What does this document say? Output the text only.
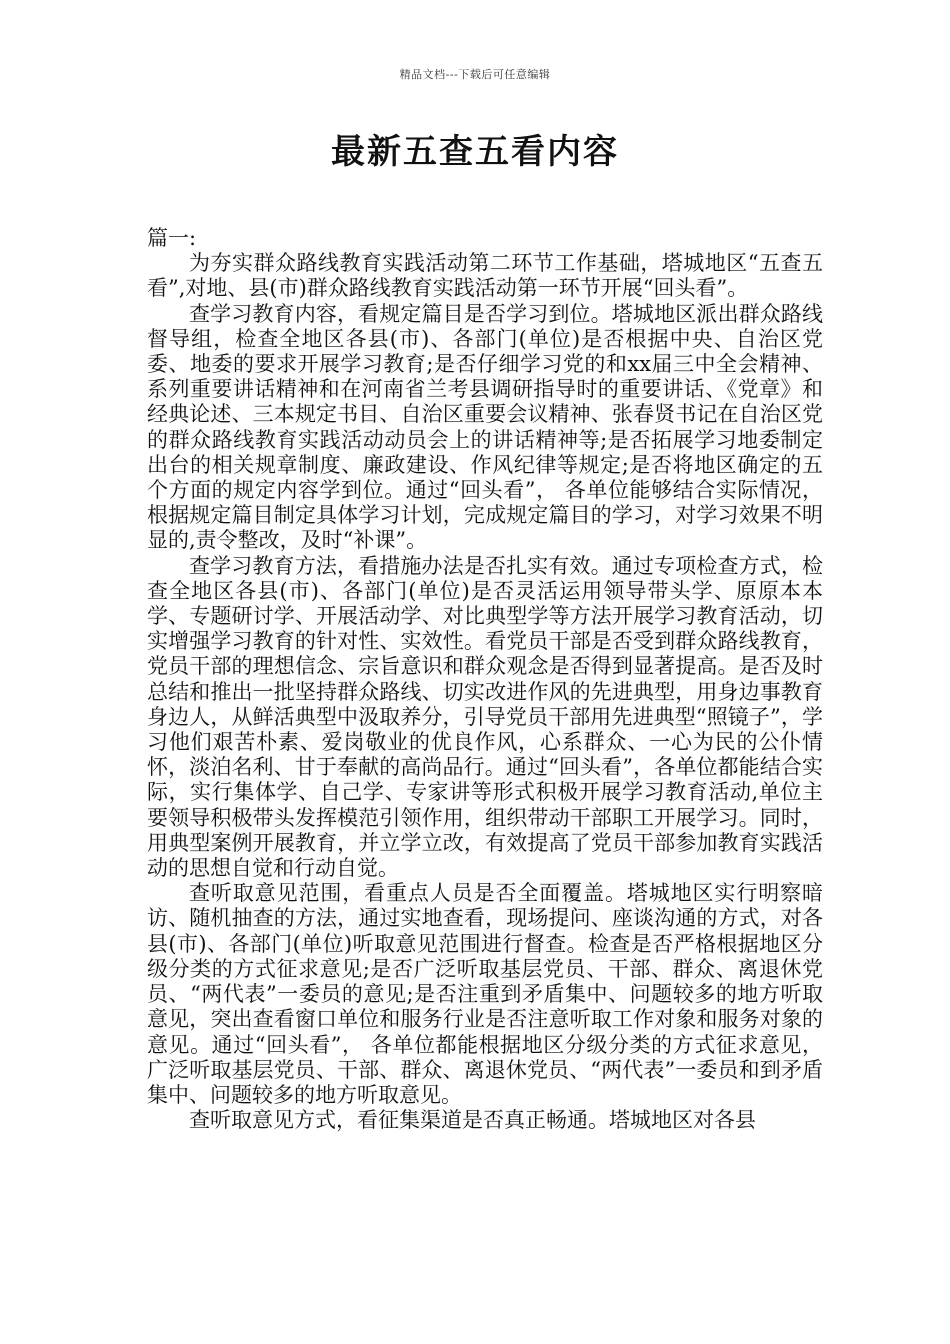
精品文档---下载后可任意编辑
最新五查五看内容

篇一:

为夯实群众路线教育实践活动第二环节工作基础，塔城地区“五查五看”,对地、县(市)群众路线教育实践活动第一环节开展“回头看”。

查学习教育内容，看规定篇目是否学习到位。塔城地区派出群众路线督导组，检查全地区各县(市)、各部门(单位)是否根据中央、自治区党委、地委的要求开展学习教育;是否仔细学习党的和xx届三中全会精神、系列重要讲话精神和在河南省兰考县调研指导时的重要讲话、《党章》和经典论述、三本规定书目、自治区重要会议精神、张春贤书记在自治区党的群众路线教育实践活动动员会上的讲话精神等;是否拓展学习地委制定出台的相关规章制度、廉政建设、作风纪律等规定;是否将地区确定的五个方面的规定内容学到位。通过“回头看”， 各单位能够结合实际情况，根据规定篇目制定具体学习计划，完成规定篇目的学习，对学习效果不明显的,责令整改，及时“补课”。

查学习教育方法，看措施办法是否扎实有效。通过专项检查方式，检查全地区各县(市)、各部门(单位)是否灵活运用领导带头学、原原本本学、专题研讨学、开展活动学、对比典型学等方法开展学习教育活动，切实增强学习教育的针对性、实效性。看党员干部是否受到群众路线教育，党员干部的理想信念、宗旨意识和群众观念是否得到显著提高。是否及时总结和推出一批坚持群众路线、切实改进作风的先进典型，用身边事教育身边人，从鲜活典型中汲取养分，引导党员干部用先进典型“照镜子”，学习他们艰苦朴素、爱岗敬业的优良作风，心系群众、一心为民的公仆情怀，淡泊名利、甘于奉献的高尚品行。通过“回头看”，各单位都能结合实际，实行集体学、自己学、专家讲等形式积极开展学习教育活动,单位主要领导积极带头发挥模范引领作用，组织带动干部职工开展学习。同时，用典型案例开展教育，并立学立改，有效提高了党员干部参加教育实践活动的思想自觉和行动自觉。

查听取意见范围，看重点人员是否全面覆盖。塔城地区实行明察暗访、随机抽查的方法，通过实地查看，现场提问、座谈沟通的方式，对各县(市)、各部门(单位)听取意见范围进行督查。检查是否严格根据地区分级分类的方式征求意见;是否广泛听取基层党员、干部、群众、离退休党员、“两代表”一委员的意见;是否注重到矛盾集中、问题较多的地方听取意见，突出查看窗口单位和服务行业是否注意听取工作对象和服务对象的意见。通过“回头看”， 各单位都能根据地区分级分类的方式征求意见，广泛听取基层党员、干部、群众、离退休党员、“两代表”一委员和到矛盾集中、问题较多的地方听取意见。

查听取意见方式，看征集渠道是否真正畅通。塔城地区对各县
